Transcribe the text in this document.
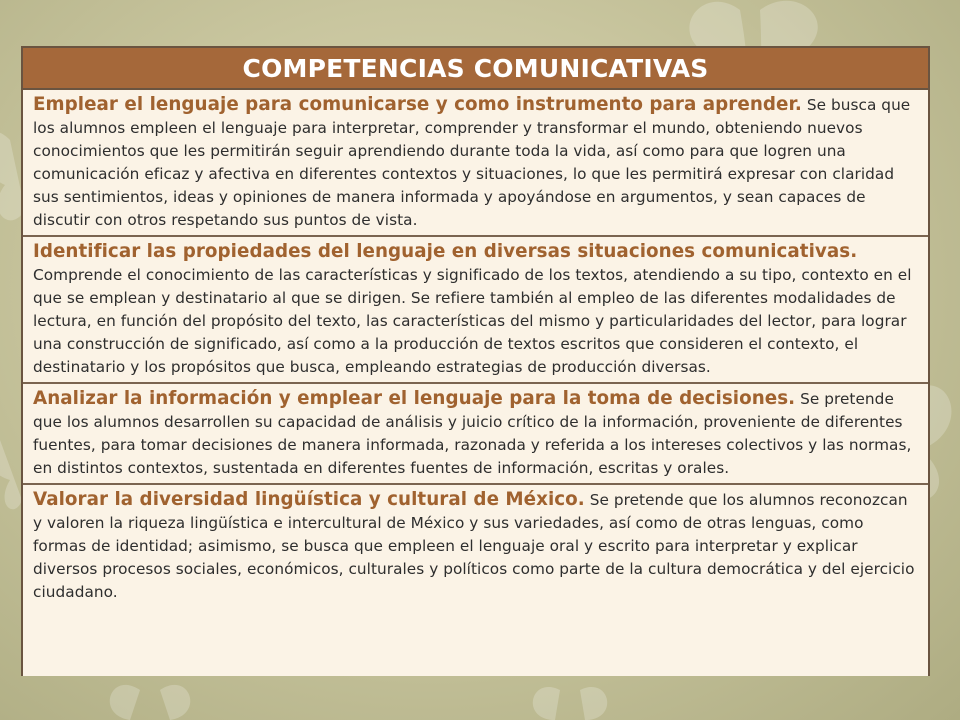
COMPETENCIAS COMUNICATIVAS
Emplear el lenguaje para comunicarse y como instrumento para aprender. Se busca que los alumnos empleen el lenguaje para interpretar, comprender y transformar el mundo, obteniendo nuevos conocimientos que les permitirán seguir aprendiendo durante toda la vida, así como para que logren una comunicación eficaz y afectiva en diferentes contextos y situaciones, lo que les permitirá expresar con claridad sus sentimientos, ideas y opiniones de manera informada y apoyándose en argumentos, y sean capaces de discutir con otros respetando sus puntos de vista.
Identificar las propiedades del lenguaje en diversas situaciones comunicativas. Comprende el conocimiento de las características y significado de los textos, atendiendo a su tipo, contexto en el que se emplean y destinatario al que se dirigen. Se refiere también al empleo de las diferentes modalidades de lectura, en función del propósito del texto, las características del mismo y particularidades del lector, para lograr una construcción de significado, así como a la producción de textos escritos que consideren el contexto, el destinatario y los propósitos que busca, empleando estrategias de producción diversas.
Analizar la información y emplear el lenguaje para la toma de decisiones. Se pretende que los alumnos desarrollen su capacidad de análisis y juicio crítico de la información, proveniente de diferentes fuentes, para tomar decisiones de manera informada, razonada y referida a los intereses colectivos y las normas, en distintos contextos, sustentada en diferentes fuentes de información, escritas y orales.
Valorar la diversidad lingüística y cultural de México. Se pretende que los alumnos reconozcan y valoren la riqueza lingüística e intercultural de México y sus variedades, así como de otras lenguas, como formas de identidad; asimismo, se busca que empleen el lenguaje oral y escrito para interpretar y explicar diversos procesos sociales, económicos, culturales y políticos como parte de la cultura democrática y del ejercicio ciudadano.
